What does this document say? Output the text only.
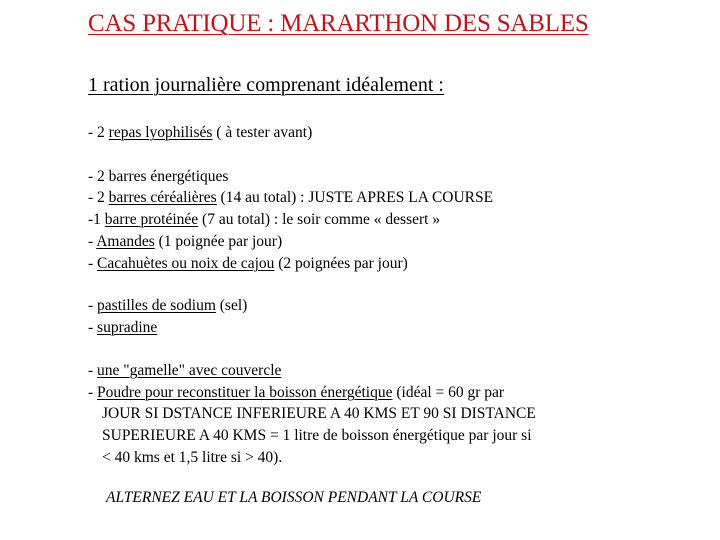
CAS PRATIQUE : MARARTHON DES SABLES
1 ration journalière comprenant idéalement :
- 2 repas lyophilisés ( à tester avant)
- 2 barres énergétiques
- 2 barres céréalières (14 au total) : JUSTE APRES LA COURSE
-1 barre protéinée (7 au total) : le soir comme « dessert »
- Amandes (1 poignée par jour)
- Cacahuètes ou noix de cajou (2 poignées par jour)
- pastilles de sodium (sel)
- supradine
- une "gamelle" avec couvercle
- Poudre pour reconstituer la boisson énergétique (idéal = 60 gr par
JOUR SI DSTANCE INFERIEURE A 40 KMS ET 90 SI DISTANCE
SUPERIEURE A 40 KMS = 1 litre de boisson énergétique par jour si
< 40 kms et 1,5 litre si > 40).
ALTERNEZ EAU ET LA BOISSON PENDANT LA COURSE
